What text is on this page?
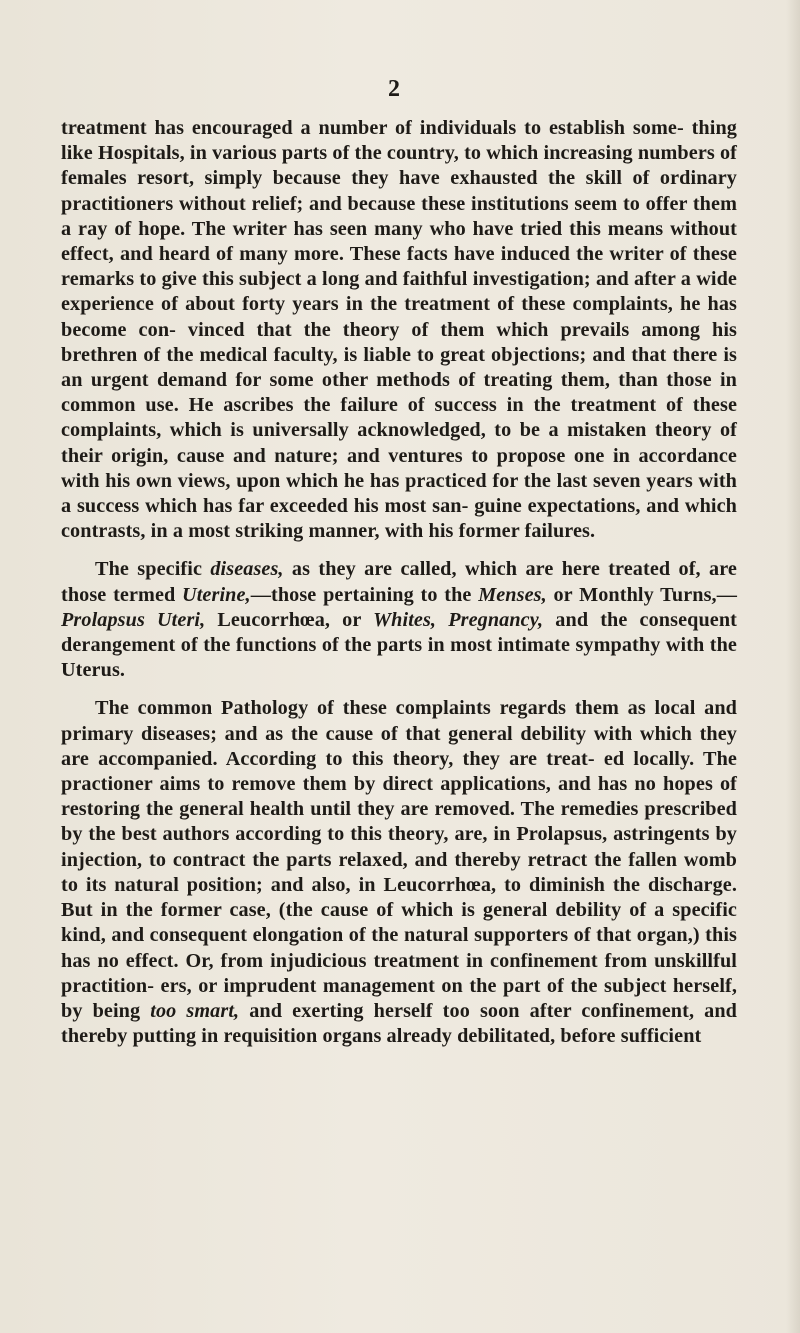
2

treatment has encouraged a number of individuals to establish some- thing like Hospitals, in various parts of the country, to which increasing numbers of females resort, simply because they have exhausted the skill of ordinary practitioners without relief; and because these institutions seem to offer them a ray of hope. The writer has seen many who have tried this means without effect, and heard of many more. These facts have induced the writer of these remarks to give this subject a long and faithful investigation; and after a wide experience of about forty years in the treatment of these complaints, he has become con- vinced that the theory of them which prevails among his brethren of the medical faculty, is liable to great objections; and that there is an urgent demand for some other methods of treating them, than those in common use. He ascribes the failure of success in the treatment of these complaints, which is universally acknowledged, to be a mistaken theory of their origin, cause and nature; and ventures to propose one in accordance with his own views, upon which he has practiced for the last seven years with a success which has far exceeded his most san- guine expectations, and which contrasts, in a most striking manner, with his former failures.

The specific diseases, as they are called, which are here treated of, are those termed Uterine,—those pertaining to the Menses, or Monthly Turns,—Prolapsus Uteri, Leucorrhœa, or Whites, Pregnancy, and the consequent derangement of the functions of the parts in most intimate sympathy with the Uterus.

The common Pathology of these complaints regards them as local and primary diseases; and as the cause of that general debility with which they are accompanied. According to this theory, they are treat- ed locally. The practioner aims to remove them by direct applications, and has no hopes of restoring the general health until they are removed. The remedies prescribed by the best authors according to this theory, are, in Prolapsus, astringents by injection, to contract the parts relaxed, and thereby retract the fallen womb to its natural position; and also, in Leucorrhœa, to diminish the discharge. But in the former case, (the cause of which is general debility of a specific kind, and consequent elongation of the natural supporters of that organ,) this has no effect. Or, from injudicious treatment in confinement from unskillful practition- ers, or imprudent management on the part of the subject herself, by being too smart, and exerting herself too soon after confinement, and thereby putting in requisition organs already debilitated, before sufficient
